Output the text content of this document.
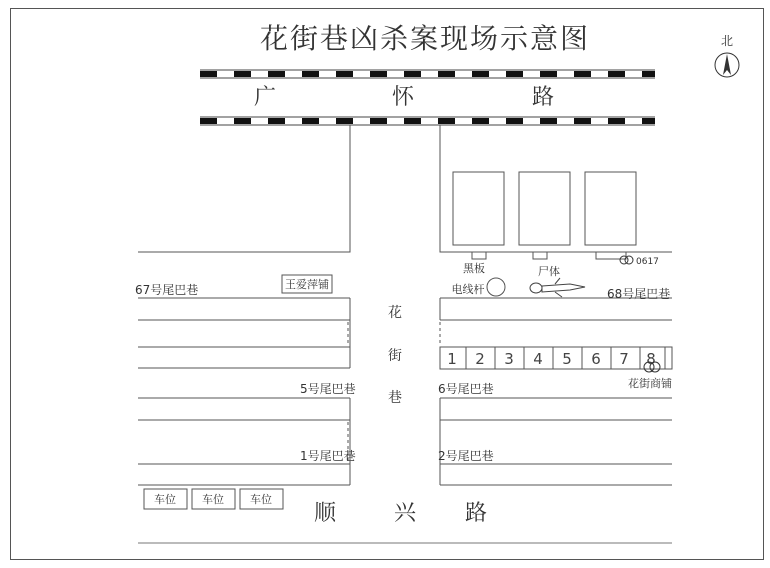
花街巷凶杀案现场示意图
广	怀	路
0617
1 2 3 4 5 6 7 8
67号尾巴巷	68号尾巴巷
5号尾巴巷	6号尾巴巷
1号尾巴巷	2号尾巴巷
王爱萍铺
黑板
电线杆
尸体
花街商铺
花
街
巷
车位 车位 车位
顺	兴 路
北
